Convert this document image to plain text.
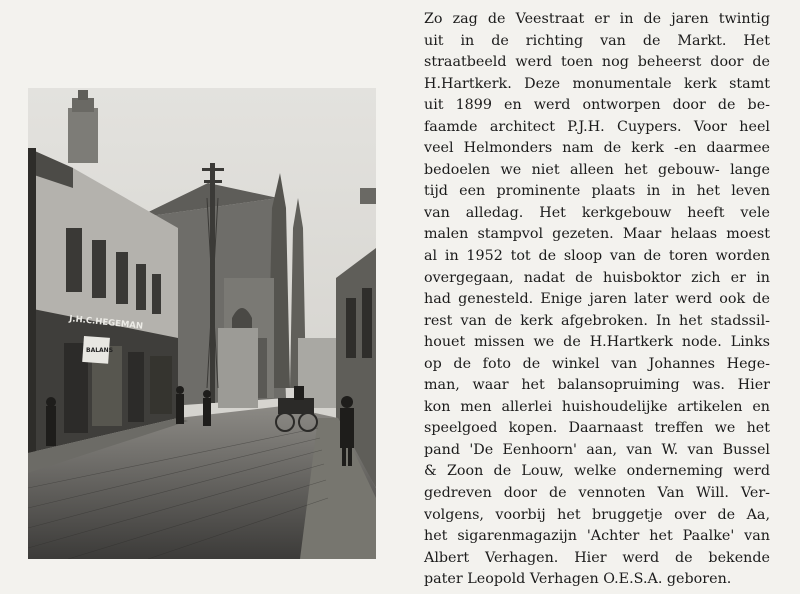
J.H.C.HEGEMAN
BALANS
Zo zag de Veestraat er in de jaren twintig
uit in de richting van de Markt. Het
straatbeeld werd toen nog beheerst door de
H.Hartkerk. Deze monumentale kerk stamt
uit 1899 en werd ontworpen door de be-
faamde architect P.J.H. Cuypers. Voor heel
veel Helmonders nam de kerk -en daarmee
bedoelen we niet alleen het gebouw- lange
tijd een prominente plaats in in het leven
van alledag. Het kerkgebouw heeft vele
malen stampvol gezeten. Maar helaas moest
al in 1952 tot de sloop van de toren worden
overgegaan, nadat de huisboktor zich er in
had genesteld. Enige jaren later werd ook de
rest van de kerk afgebroken. In het stadssil-
houet missen we de H.Hartkerk node. Links
op de foto de winkel van Johannes Hege-
man, waar het balansopruiming was. Hier
kon men allerlei huishoudelijke artikelen en
speelgoed kopen. Daarnaast treffen we het
pand 'De Eenhoorn' aan, van W. van Bussel
& Zoon de Louw, welke onderneming werd
gedreven door de vennoten Van Will. Ver-
volgens, voorbij het bruggetje over de Aa,
het sigarenmagazijn 'Achter het Paalke' van
Albert Verhagen. Hier werd de bekende
pater Leopold Verhagen O.E.S.A. geboren.
